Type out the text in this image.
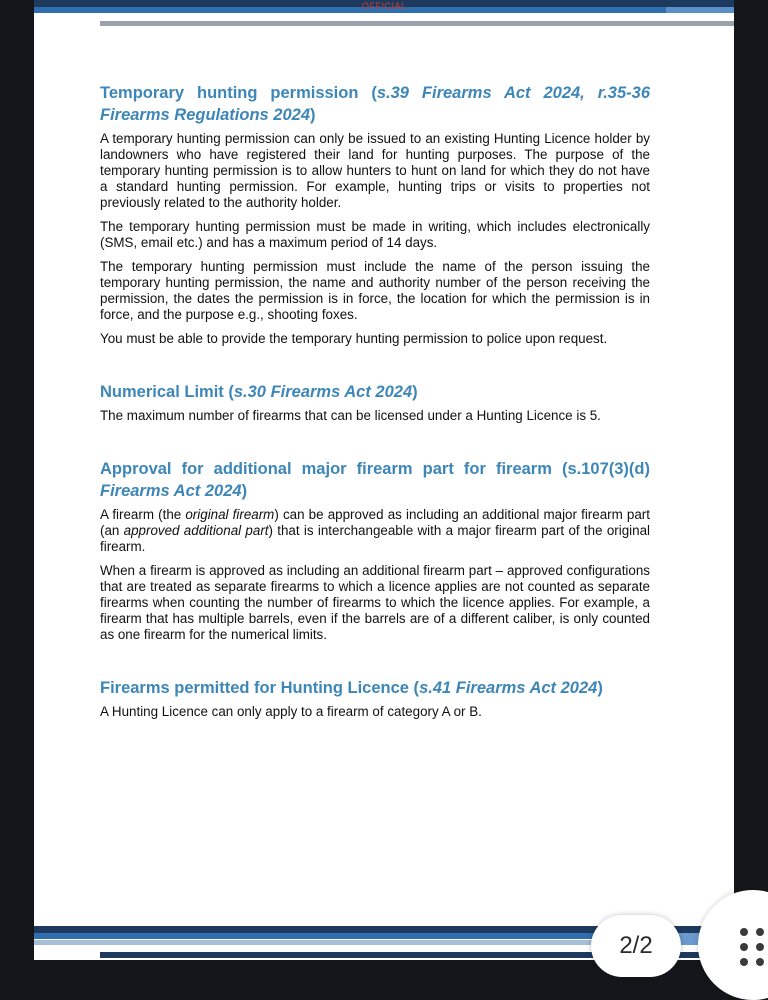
OFFICIAL
Temporary hunting permission (s.39 Firearms Act 2024, r.35-36 Firearms Regulations 2024)

A temporary hunting permission can only be issued to an existing Hunting Licence holder by landowners who have registered their land for hunting purposes. The purpose of the temporary hunting permission is to allow hunters to hunt on land for which they do not have a standard hunting permission. For example, hunting trips or visits to properties not previously related to the authority holder.

The temporary hunting permission must be made in writing, which includes electronically (SMS, email etc.) and has a maximum period of 14 days.

The temporary hunting permission must include the name of the person issuing the temporary hunting permission, the name and authority number of the person receiving the permission, the dates the permission is in force, the location for which the permission is in force, and the purpose e.g., shooting foxes.

You must be able to provide the temporary hunting permission to police upon request.

Numerical Limit (s.30 Firearms Act 2024)

The maximum number of firearms that can be licensed under a Hunting Licence is 5.

Approval for additional major firearm part for firearm (s.107(3)(d) Firearms Act 2024)

A firearm (the original firearm) can be approved as including an additional major firearm part (an approved additional part) that is interchangeable with a major firearm part of the original firearm.

When a firearm is approved as including an additional firearm part – approved configurations that are treated as separate firearms to which a licence applies are not counted as separate firearms when counting the number of firearms to which the licence applies. For example, a firearm that has multiple barrels, even if the barrels are of a different caliber, is only counted as one firearm for the numerical limits.

Firearms permitted for Hunting Licence (s.41 Firearms Act 2024)

A Hunting Licence can only apply to a firearm of category A or B.

2/2
